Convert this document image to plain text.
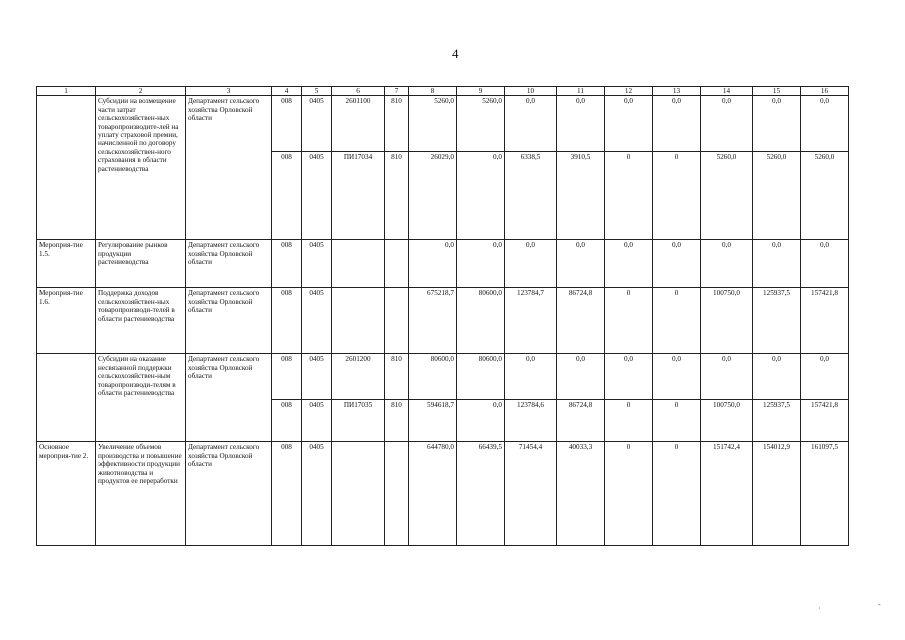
4
1	2	3	4	5	6	7	8	9	10	11	12	13	14	15	16
	Субсидии на возмещение части затрат сельскохозяйствен-ных товаропроизводите-лей на уплату страховой премии, начисленной по договору сельскохозяйствен-ного страхования в области растениеводства	Департамент сельского хозяйства Орловской области	008	0405	2601100	810	5260,0	5260,0	0,0	0,0	0,0	0,0	0,0	0,0	0,0
			008	0405	ПИ17034	810	26029,0	0,0	6338,5	3910,5	0	0	5260,0	5260,0	5260,0
Мероприя-тие 1.5.	Регулирование рынков продукции растениеводства	Департамент сельского хозяйства Орловской области	008	0405			0,0	0,0	0,0	0,0	0,0	0,0	0,0	0,0	0,0
Мероприя-тие 1.6.	Поддержка доходов сельскохозяйствен-ных товаропроизводи-телей в области растениеводства	Департамент сельского хозяйства Орловской области	008	0405			675218,7	80600,0	123784,7	86724,8	0	0	100750,0	125937,5	157421,8
	Субсидии на оказание несвязанной поддержки сельскохозяйствен-ным товаропроизводи-телям в области растениеводства	Департамент сельского хозяйства Орловской области	008	0405	2601200	810	80600,0	80600,0	0,0	0,0	0,0	0,0	0,0	0,0	0,0
			008	0405	ПИ17035	810	594618,7	0,0	123784,6	86724,8	0	0	100750,0	125937,5	157421,8
Основное мероприя-тие 2.	Увеличение объемов производства и повышение эффективности продукции животноводства и продуктов ее переработки	Департамент сельского хозяйства Орловской области	008	0405			644780,0	66439,5	71454,4	40033,3	0	0	151742,4	154012,9	161097,5
·	-
